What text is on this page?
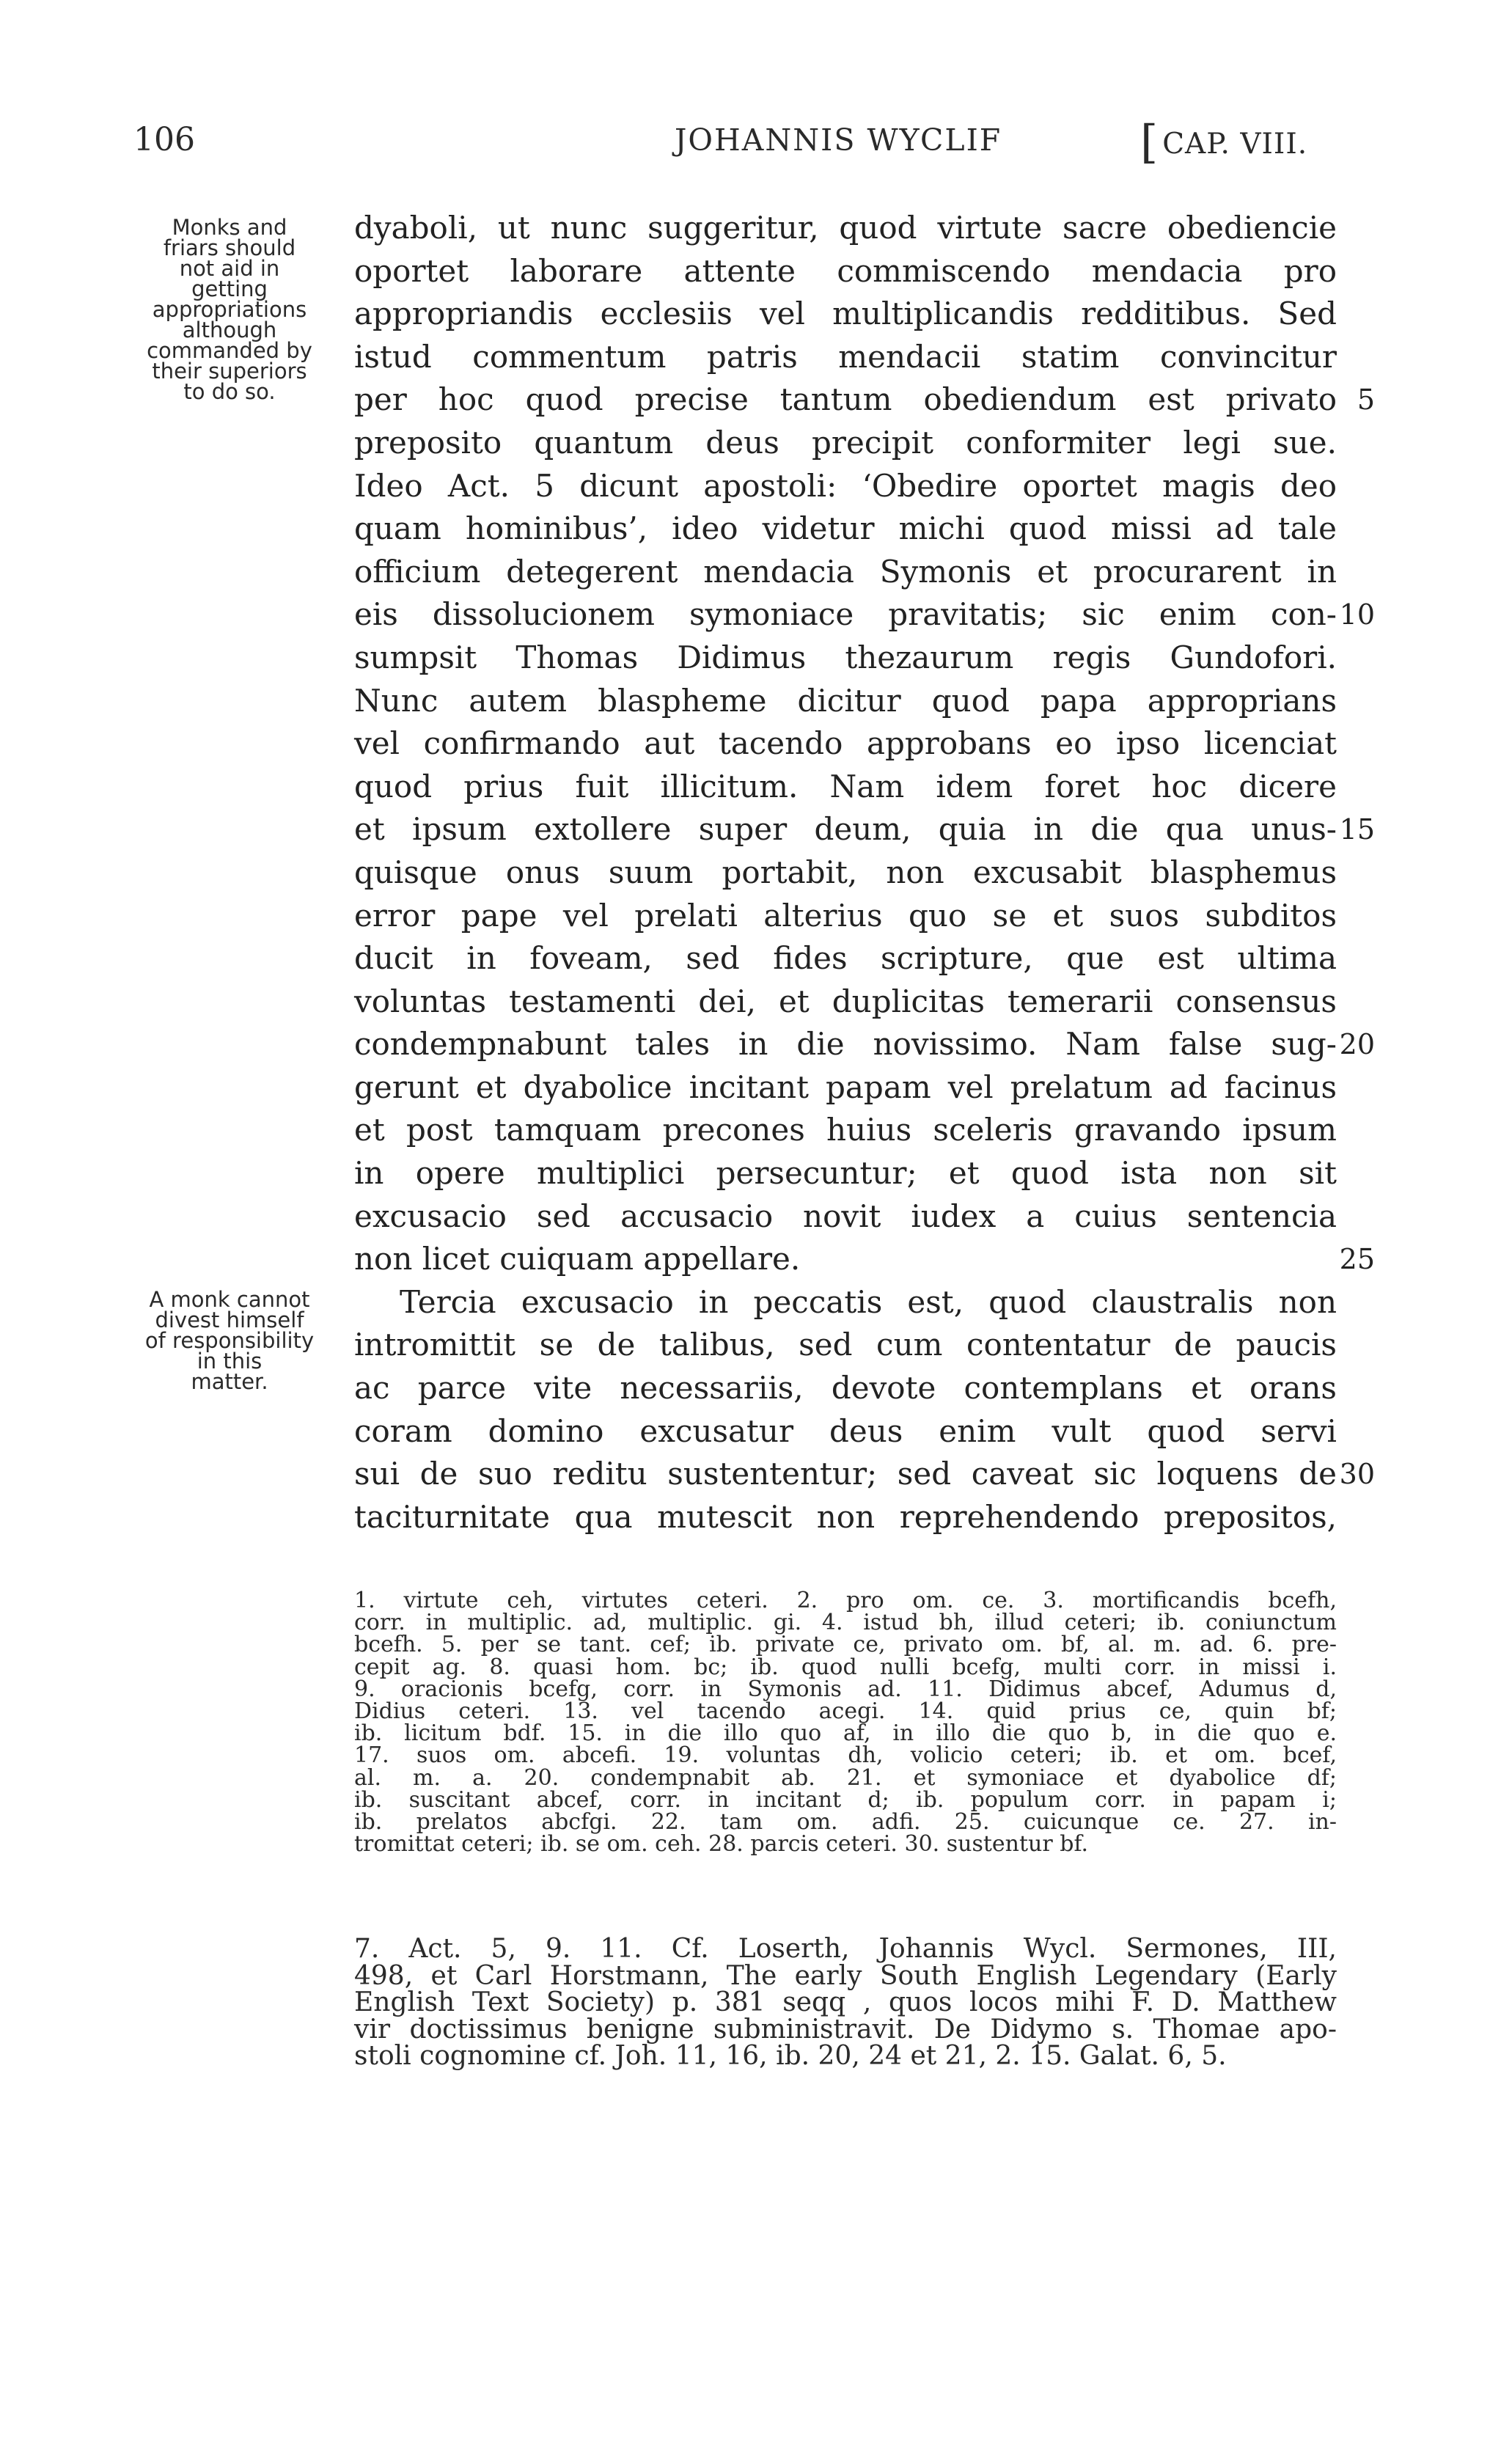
106	JOHANNIS WYCLIF	[ CAP. VIII.
Monks and
friars should
not aid in
getting
appropriations
although
commanded by
their superiors
to do so.
A monk cannot
divest himself
of responsibility
in this
matter.
dyaboli, ut nunc suggeritur, quod virtute sacre obediencie
oportet laborare attente commiscendo mendacia pro
appropriandis ecclesiis vel multiplicandis redditibus. Sed
istud commentum patris mendacii statim convincitur
per hoc quod precise tantum obediendum est privato 5
preposito quantum deus precipit conformiter legi sue.
Ideo Act. 5 dicunt apostoli: ‘Obedire oportet magis deo
quam hominibus’, ideo videtur michi quod missi ad tale
officium detegerent mendacia Symonis et procurarent in
eis dissolucionem symoniace pravitatis; sic enim con- 10
sumpsit Thomas Didimus thezaurum regis Gundofori.
Nunc autem blaspheme dicitur quod papa approprians
vel confirmando aut tacendo approbans eo ipso licenciat
quod prius fuit illicitum. Nam idem foret hoc dicere
et ipsum extollere super deum, quia in die qua unus- 15
quisque onus suum portabit, non excusabit blasphemus
error pape vel prelati alterius quo se et suos subditos
ducit in foveam, sed fides scripture, que est ultima
voluntas testamenti dei, et duplicitas temerarii consensus
condempnabunt tales in die novissimo. Nam false sug- 20
gerunt et dyabolice incitant papam vel prelatum ad facinus
et post tamquam precones huius sceleris gravando ipsum
in opere multiplici persecuntur; et quod ista non sit
excusacio sed accusacio novit iudex a cuius sentencia
non licet cuiquam appellare.	25
Tercia excusacio in peccatis est, quod claustralis non
intromittit se de talibus, sed cum contentatur de paucis
ac parce vite necessariis, devote contemplans et orans
coram domino excusatur deus enim vult quod servi
sui de suo reditu sustententur; sed caveat sic loquens de 30
taciturnitate qua mutescit non reprehendendo prepositos,
1. virtute ceh, virtutes ceteri. 2. pro om. ce. 3. mortificandis bcefh,
corr. in multiplic. ad, multiplic. gi. 4. istud bh, illud ceteri; ib. coniunctum
bcefh. 5. per se tant. cef; ib. private ce, privato om. bf, al. m. ad. 6. pre-
cepit ag. 8. quasi hom. bc; ib. quod nulli bcefg, multi corr. in missi i.
9. oracionis bcefg, corr. in Symonis ad. 11. Didimus abcef, Adumus d,
Didius ceteri. 13. vel tacendo acegi. 14. quid prius ce, quin bf;
ib. licitum bdf. 15. in die illo quo af, in illo die quo b, in die quo e.
17. suos om. abcefi. 19. voluntas dh, volicio ceteri; ib. et om. bcef,
al. m. a. 20. condempnabit ab. 21. et symoniace et dyabolice df;
ib. suscitant abcef, corr. in incitant d; ib. populum corr. in papam i;
ib. prelatos abcfgi. 22. tam om. adfi. 25. cuicunque ce. 27. in-
tromittat ceteri; ib. se om. ceh. 28. parcis ceteri. 30. sustentur bf.
7. Act. 5, 9. 11. Cf. Loserth, Johannis Wycl. Sermones, III,
498, et Carl Horstmann, The early South English Legendary (Early
English Text Society) p. 381 seqq , quos locos mihi F. D. Matthew
vir doctissimus benigne subministravit. De Didymo s. Thomae apo-
stoli cognomine cf. Joh. 11, 16, ib. 20, 24 et 21, 2. 15. Galat. 6, 5.
